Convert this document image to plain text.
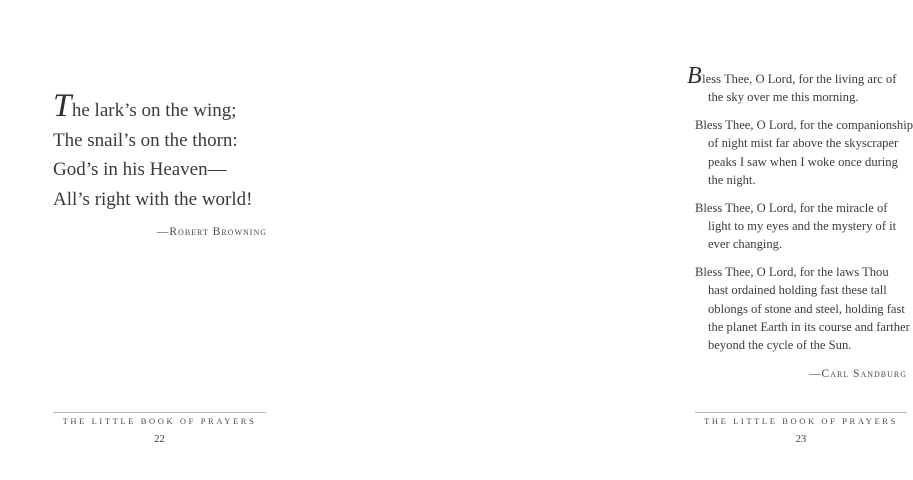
The lark’s on the wing;
The snail’s on the thorn:
God’s in his Heaven—
All’s right with the world!
—Robert Browning
THE LITTLE BOOK OF PRAYERS
22
Bless Thee, O Lord, for the living arc of
the sky over me this morning.
Bless Thee, O Lord, for the companionship
of night mist far above the skyscraper
peaks I saw when I woke once during
the night.
Bless Thee, O Lord, for the miracle of
light to my eyes and the mystery of it
ever changing.
Bless Thee, O Lord, for the laws Thou
hast ordained holding fast these tall
oblongs of stone and steel, holding fast
the planet Earth in its course and farther
beyond the cycle of the Sun.
—Carl Sandburg
THE LITTLE BOOK OF PRAYERS
23
